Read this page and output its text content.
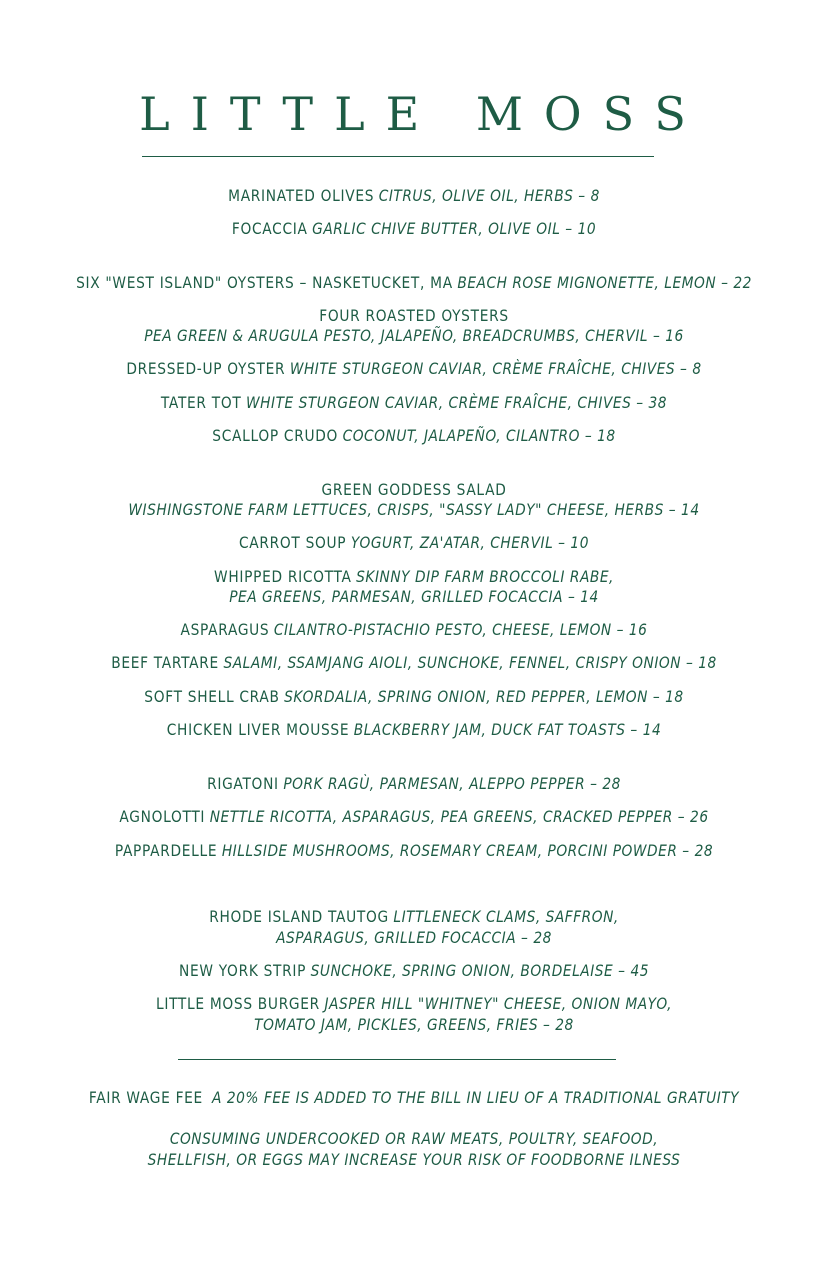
LITTLE MOSS
MARINATED OLIVES CITRUS, OLIVE OIL, HERBS – 8
FOCACCIA GARLIC CHIVE BUTTER, OLIVE OIL – 10
SIX "WEST ISLAND" OYSTERS – NASKETUCKET, MA BEACH ROSE MIGNONETTE, LEMON – 22
FOUR ROASTED OYSTERS
PEA GREEN & ARUGULA PESTO, JALAPEÑO, BREADCRUMBS, CHERVIL – 16
DRESSED-UP OYSTER WHITE STURGEON CAVIAR, CRÈME FRAÎCHE, CHIVES – 8
TATER TOT WHITE STURGEON CAVIAR, CRÈME FRAÎCHE, CHIVES – 38
SCALLOP CRUDO COCONUT, JALAPEÑO, CILANTRO – 18
GREEN GODDESS SALAD
WISHINGSTONE FARM LETTUCES, CRISPS, "SASSY LADY" CHEESE, HERBS – 14
CARROT SOUP YOGURT, ZA'ATAR, CHERVIL – 10
WHIPPED RICOTTA SKINNY DIP FARM BROCCOLI RABE,
PEA GREENS, PARMESAN, GRILLED FOCACCIA – 14
ASPARAGUS CILANTRO-PISTACHIO PESTO, CHEESE, LEMON – 16
BEEF TARTARE SALAMI, SSAMJANG AIOLI, SUNCHOKE, FENNEL, CRISPY ONION – 18
SOFT SHELL CRAB SKORDALIA, SPRING ONION, RED PEPPER, LEMON – 18
CHICKEN LIVER MOUSSE BLACKBERRY JAM, DUCK FAT TOASTS – 14
RIGATONI PORK RAGÙ, PARMESAN, ALEPPO PEPPER – 28
AGNOLOTTI NETTLE RICOTTA, ASPARAGUS, PEA GREENS, CRACKED PEPPER – 26
PAPPARDELLE HILLSIDE MUSHROOMS, ROSEMARY CREAM, PORCINI POWDER – 28
RHODE ISLAND TAUTOG LITTLENECK CLAMS, SAFFRON,
ASPARAGUS, GRILLED FOCACCIA – 28
NEW YORK STRIP SUNCHOKE, SPRING ONION, BORDELAISE – 45
LITTLE MOSS BURGER JASPER HILL "WHITNEY" CHEESE, ONION MAYO,
TOMATO JAM, PICKLES, GREENS, FRIES – 28
FAIR WAGE FEE A 20% FEE IS ADDED TO THE BILL IN LIEU OF A TRADITIONAL GRATUITY
CONSUMING UNDERCOOKED OR RAW MEATS, POULTRY, SEAFOOD,
SHELLFISH, OR EGGS MAY INCREASE YOUR RISK OF FOODBORNE ILNESS
